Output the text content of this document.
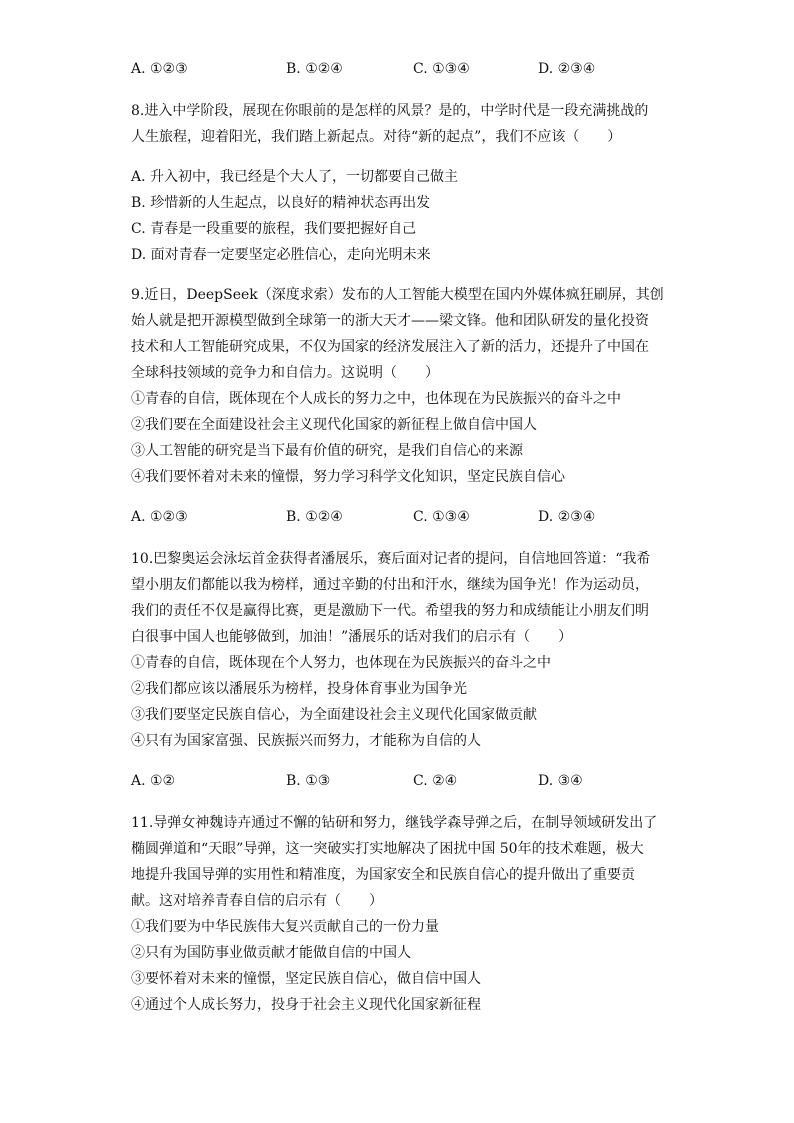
A. ①②③	B. ①②④	C. ①③④	D. ②③④
8.进入中学阶段，展现在你眼前的是怎样的风景？是的，中学时代是一段充满挑战的
人生旅程，迎着阳光，我们踏上新起点。对待“新的起点”，我们不应该（　　）
A. 升入初中，我已经是个大人了，一切都要自己做主
B. 珍惜新的人生起点，以良好的精神状态再出发
C. 青春是一段重要的旅程，我们要把握好自己
D. 面对青春一定要坚定必胜信心，走向光明未来
9.近日，DeepSeek（深度求索）发布的人工智能大模型在国内外媒体疯狂刷屏，其创
始人就是把开源模型做到全球第一的浙大天才——梁文锋。他和团队研发的量化投资
技术和人工智能研究成果，不仅为国家的经济发展注入了新的活力，还提升了中国在
全球科技领域的竞争力和自信力。这说明（　　）
①青春的自信，既体现在个人成长的努力之中，也体现在为民族振兴的奋斗之中
②我们要在全面建设社会主义现代化国家的新征程上做自信中国人
③人工智能的研究是当下最有价值的研究，是我们自信心的来源
④我们要怀着对未来的憧憬，努力学习科学文化知识，坚定民族自信心
A. ①②③	B. ①②④	C. ①③④	D. ②③④
10.巴黎奥运会泳坛首金获得者潘展乐，赛后面对记者的提问，自信地回答道：“我希
望小朋友们都能以我为榜样，通过辛勤的付出和汗水，继续为国争光！作为运动员，
我们的责任不仅是赢得比赛，更是激励下一代。希望我的努力和成绩能让小朋友们明
白很事中国人也能够做到，加油！”潘展乐的话对我们的启示有（　　）
①青春的自信，既体现在个人努力，也体现在为民族振兴的奋斗之中
②我们都应该以潘展乐为榜样，投身体育事业为国争光
③我们要坚定民族自信心，为全面建设社会主义现代化国家做贡献
④只有为国家富强、民族振兴而努力，才能称为自信的人
A. ①②	B. ①③	C. ②④	D. ③④
11.导弹女神魏诗卉通过不懈的钻研和努力，继钱学森导弹之后，在制导领域研发出了
椭圆弹道和“天眼”导弹，这一突破实打实地解决了困扰中国 50年的技术难题，极大
地提升我国导弹的实用性和精准度，为国家安全和民族自信心的提升做出了重要贡
献。这对培养青春自信的启示有（　　）
①我们要为中华民族伟大复兴贡献自己的一份力量
②只有为国防事业做贡献才能做自信的中国人
③要怀着对未来的憧憬，坚定民族自信心，做自信中国人
④通过个人成长努力，投身于社会主义现代化国家新征程
